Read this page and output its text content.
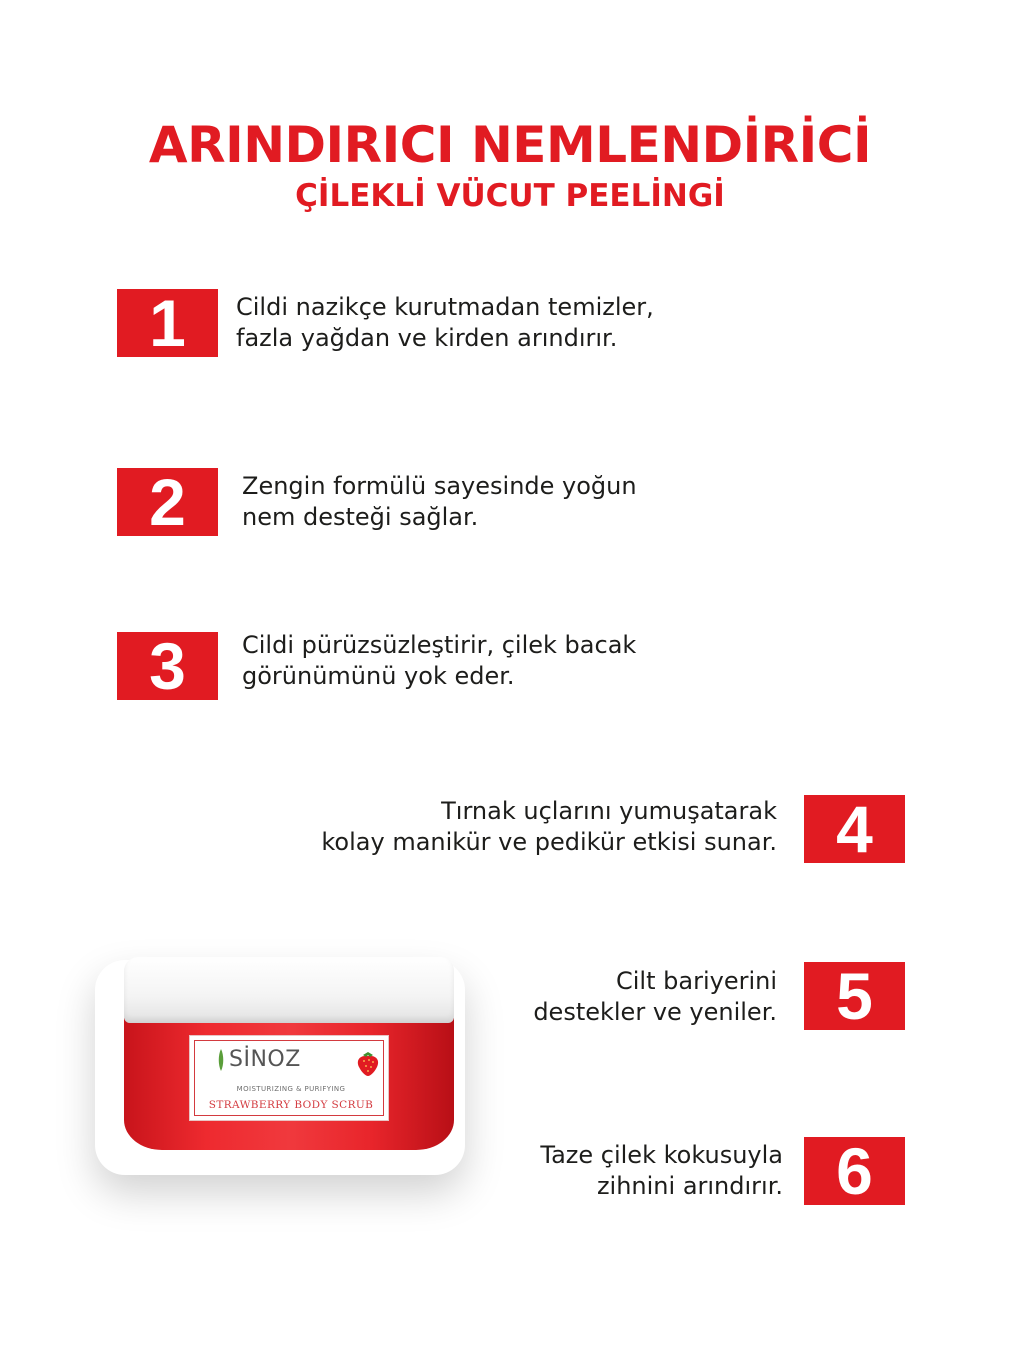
ARINDIRICI NEMLENDİRİCİ
ÇİLEKLİ VÜCUT PEELİNGİ
1	Cildi nazikçe kurutmadan temizler,
fazla yağdan ve kirden arındırır.
2	Zengin formülü sayesinde yoğun
nem desteği sağlar.
3	Cildi pürüzsüzleştirir, çilek bacak
görünümünü yok eder.
Tırnak uçlarını yumuşatarak
kolay manikür ve pedikür etkisi sunar. 4
Cilt bariyerini
destekler ve yeniler. 5
Taze çilek kokusuyla
zihnini arındırır. 6
SİNOZ
MOISTURIZING & PURIFYING
STRAWBERRY BODY SCRUB
